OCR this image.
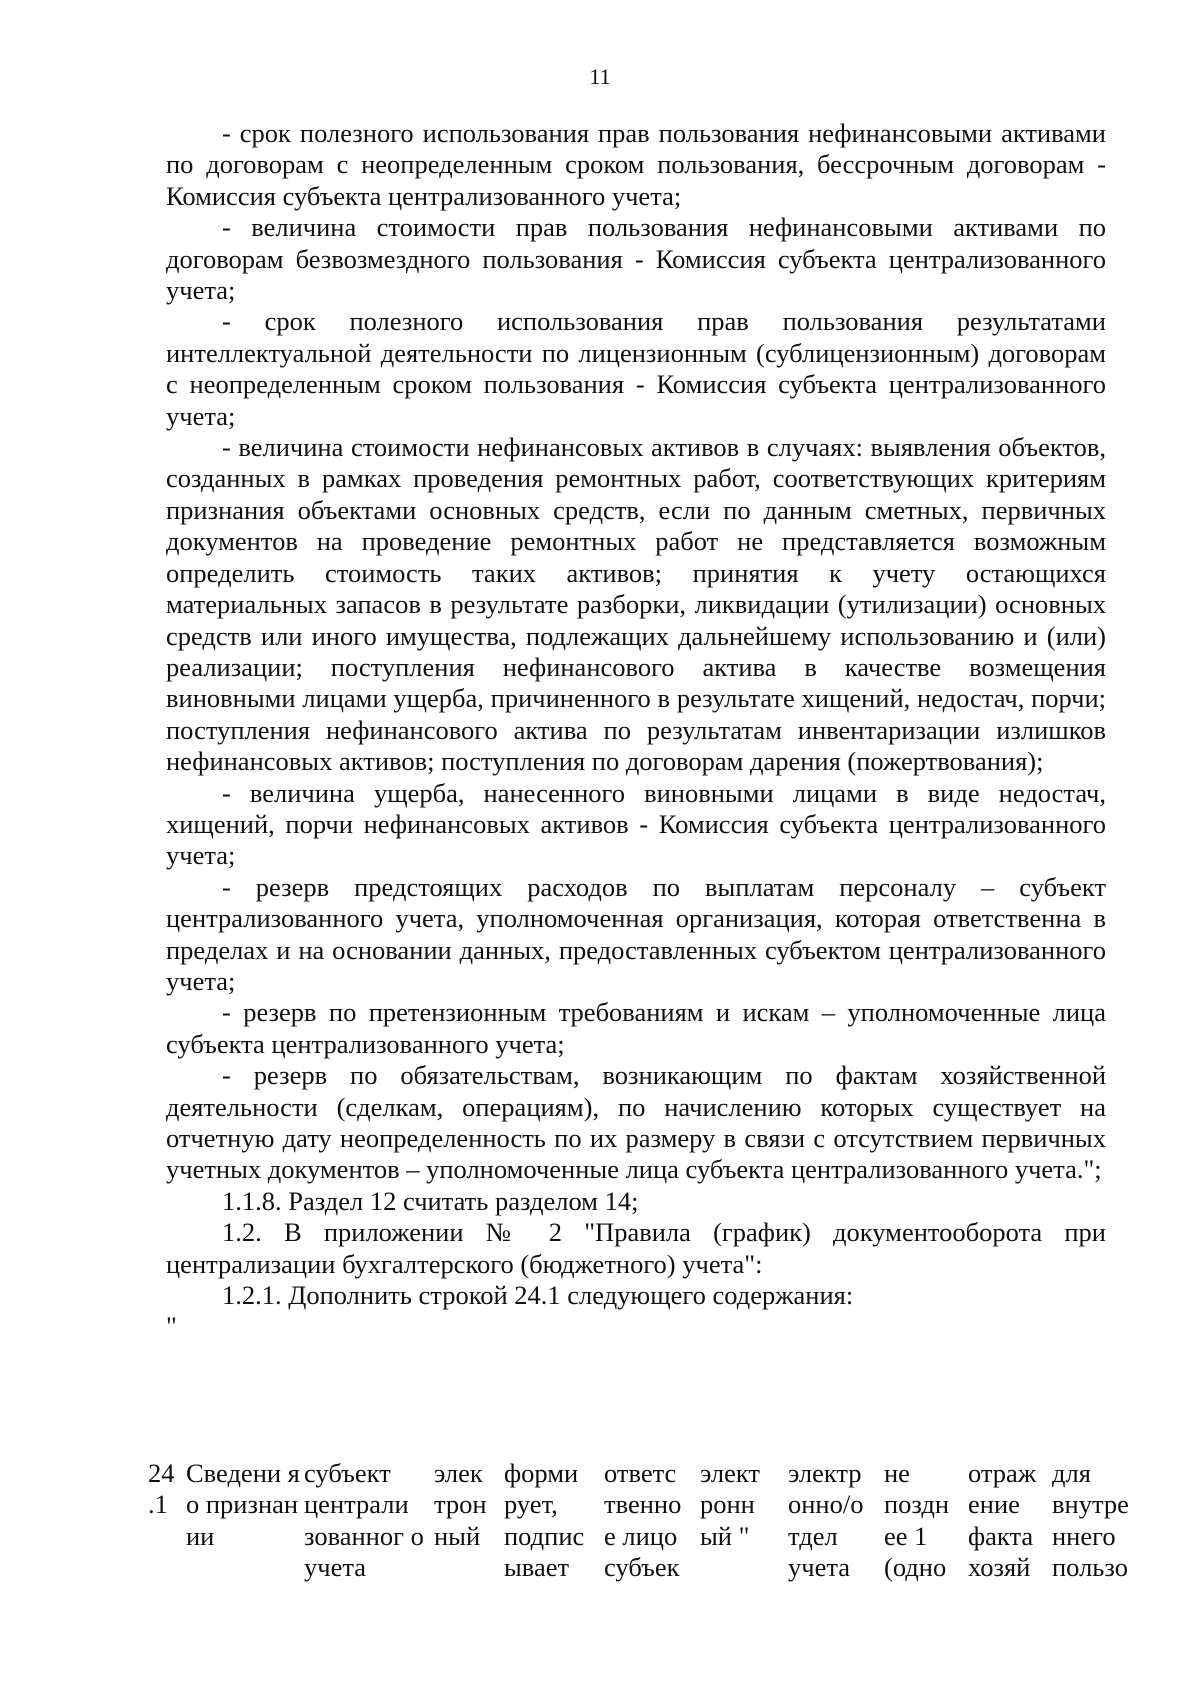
11

- срок полезного использования прав пользования нефинансовыми активами по договорам с неопределенным сроком пользования, бессрочным договорам - Комиссия субъекта централизованного учета;

- величина стоимости прав пользования нефинансовыми активами по договорам безвозмездного пользования - Комиссия субъекта централизованного учета;

- срок полезного использования прав пользования результатами интеллектуальной деятельности по лицензионным (сублицензионным) договорам с неопределенным сроком пользования - Комиссия субъекта централизованного учета;

- величина стоимости нефинансовых активов в случаях: выявления объектов, созданных в рамках проведения ремонтных работ, соответствующих критериям признания объектами основных средств, если по данным сметных, первичных документов на проведение ремонтных работ не представляется возможным определить стоимость таких активов; принятия к учету остающихся материальных запасов в результате разборки, ликвидации (утилизации) основных средств или иного имущества, подлежащих дальнейшему использованию и (или) реализации; поступления нефинансового актива в качестве возмещения виновными лицами ущерба, причиненного в результате хищений, недостач, порчи; поступления нефинансового актива по результатам инвентаризации излишков нефинансовых активов; поступления по договорам дарения (пожертвования);

- величина ущерба, нанесенного виновными лицами в виде недостач, хищений, порчи нефинансовых активов - Комиссия субъекта централизованного учета;

- резерв предстоящих расходов по выплатам персоналу – субъект централизованного учета, уполномоченная организация, которая ответственна в пределах и на основании данных, предоставленных субъектом централизованного учета;

- резерв по претензионным требованиям и искам – уполномоченные лица субъекта централизованного учета;

- резерв по обязательствам, возникающим по фактам хозяйственной деятельности (сделкам, операциям), по начислению которых существует на отчетную дату неопределенность по их размеру в связи с отсутствием первичных учетных документов – уполномоченные лица субъекта централизованного учета.";

1.1.8. Раздел 12 считать разделом 14;

1.2. В приложении № 2 "Правила (график) документооборота при централизации бухгалтерского (бюджетного) учета":

1.2.1. Дополнить строкой 24.1 следующего содержания:

"

24 .1
Сведени я о признан ии
субъект централи зованног о учета
элек трон ный
форми рует, подпис ывает
ответс твенно е лицо субъек
элект ронн ый "
электр онно/о тдел учета
не поздн ее 1 (одно
отраж ение факта хозяй
для внутре ннего пользо
